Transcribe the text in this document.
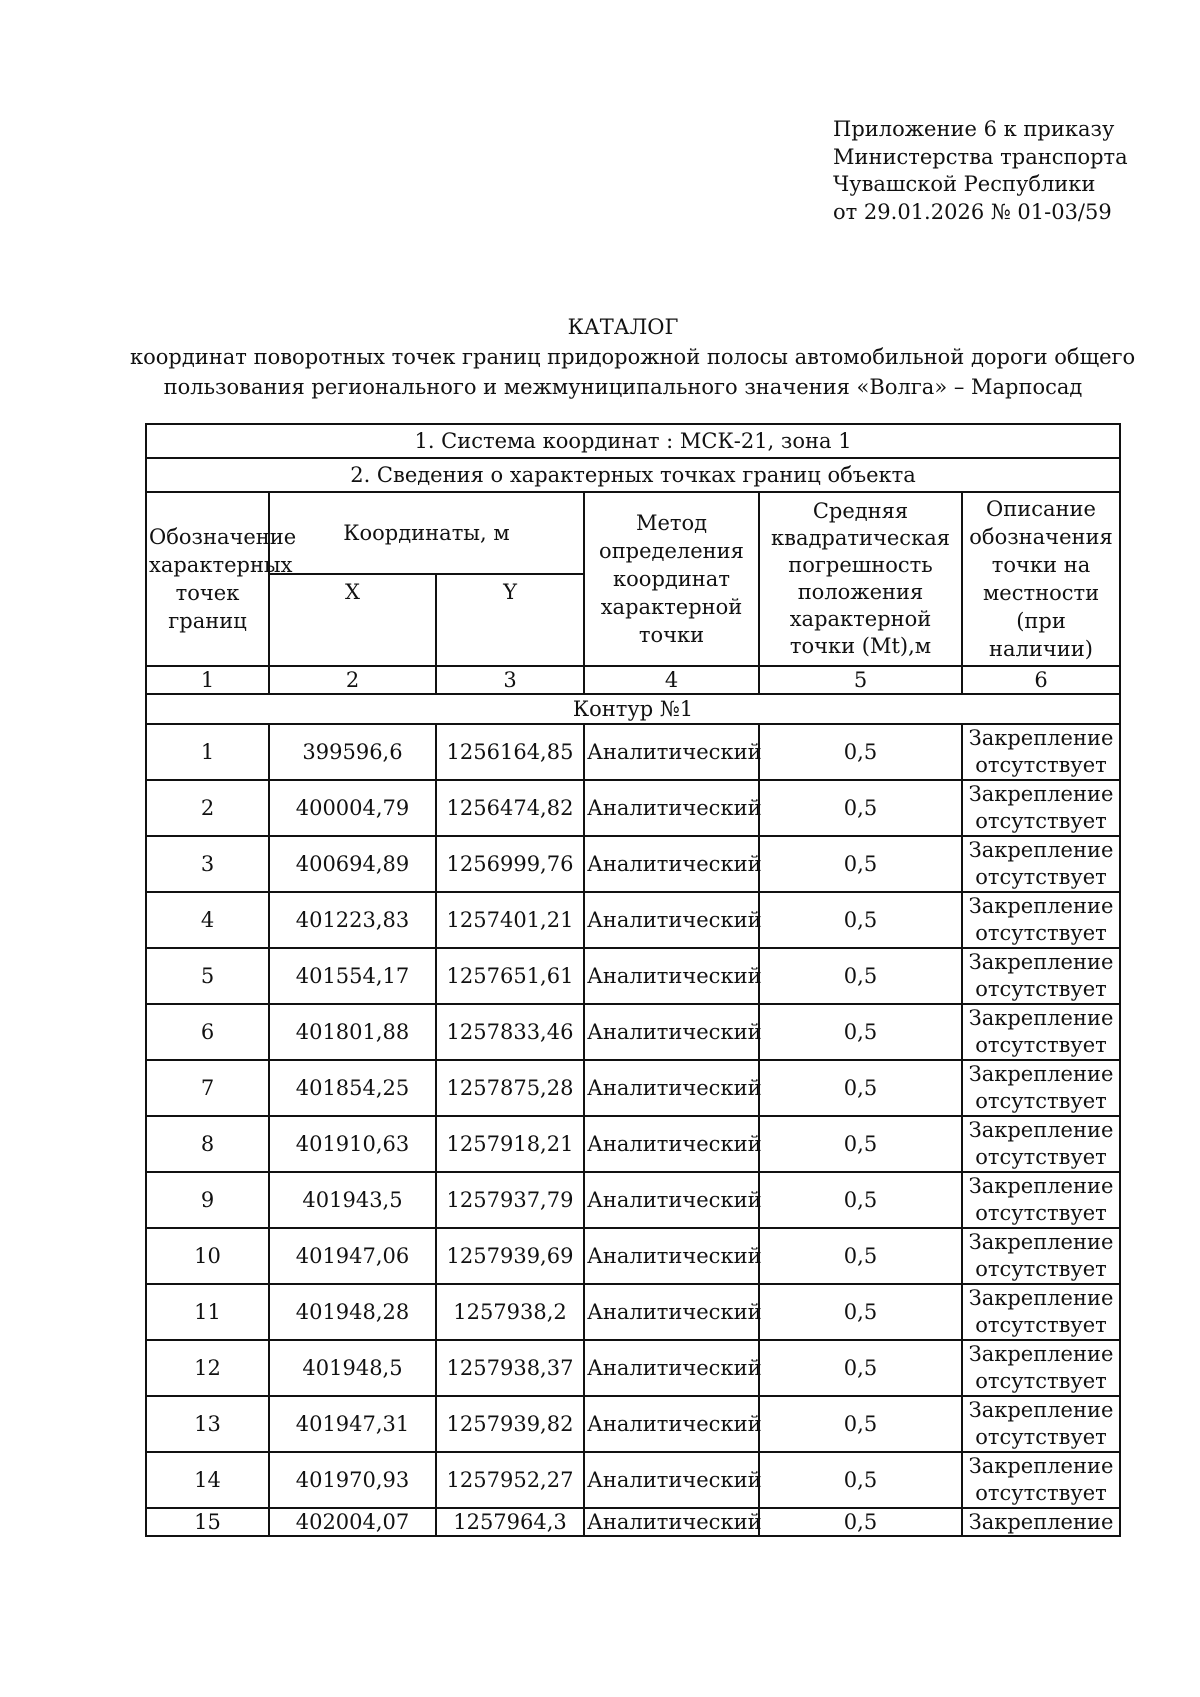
Приложение 6 к приказу
Министерства транспорта
Чувашской Республики
от 29.01.2026 № 01-03/59
КАТАЛОГ
координат поворотных точек границ придорожной полосы автомобильной дороги общего
пользования регионального и межмуниципального значения «Волга» – Марпосад
1. Система координат : МСК-21, зона 1					
2. Сведения о характерных точках границ объекта					
Обозначение характерных точек границ	Координаты, м		Метод определения координат характерной точки	Средняя квадратическая погрешность положения характерной точки (Mt),м	Описание обозначения точки на местности (при наличии)
	X	Y			
1	2	3	4	5	6
Контур №1					
1	399596,6	1256164,85	Аналитический	0,5	Закрепление отсутствует
2	400004,79	1256474,82	Аналитический	0,5	Закрепление отсутствует
3	400694,89	1256999,76	Аналитический	0,5	Закрепление отсутствует
4	401223,83	1257401,21	Аналитический	0,5	Закрепление отсутствует
5	401554,17	1257651,61	Аналитический	0,5	Закрепление отсутствует
6	401801,88	1257833,46	Аналитический	0,5	Закрепление отсутствует
7	401854,25	1257875,28	Аналитический	0,5	Закрепление отсутствует
8	401910,63	1257918,21	Аналитический	0,5	Закрепление отсутствует
9	401943,5	1257937,79	Аналитический	0,5	Закрепление отсутствует
10	401947,06	1257939,69	Аналитический	0,5	Закрепление отсутствует
11	401948,28	1257938,2	Аналитический	0,5	Закрепление отсутствует
12	401948,5	1257938,37	Аналитический	0,5	Закрепление отсутствует
13	401947,31	1257939,82	Аналитический	0,5	Закрепление отсутствует
14	401970,93	1257952,27	Аналитический	0,5	Закрепление отсутствует
15	402004,07	1257964,3	Аналитический	0,5	Закрепление
